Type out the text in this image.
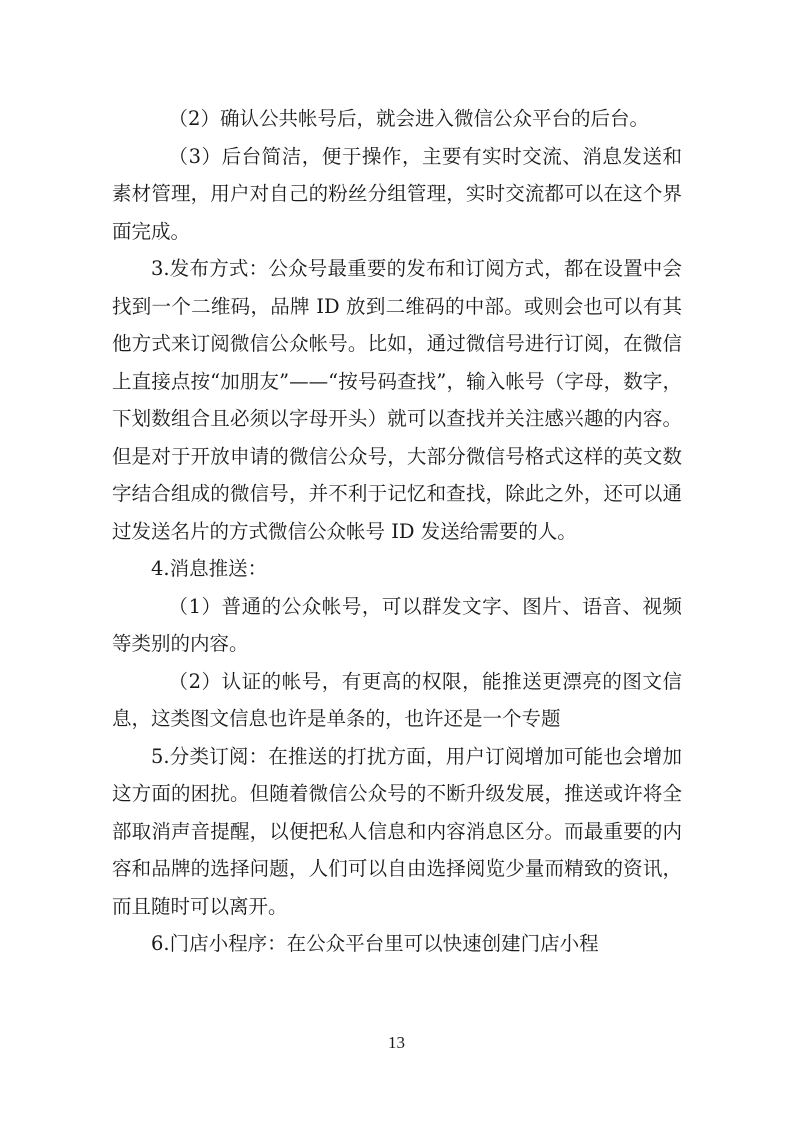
（2）确认公共帐号后，就会进入微信公众平台的后台。

（3）后台简洁，便于操作，主要有实时交流、消息发送和素材管理，用户对自己的粉丝分组管理，实时交流都可以在这个界面完成。

3.发布方式：公众号最重要的发布和订阅方式，都在设置中会找到一个二维码，品牌 ID 放到二维码的中部。或则会也可以有其他方式来订阅微信公众帐号。比如，通过微信号进行订阅，在微信上直接点按“加朋友”——“按号码查找”，输入帐号（字母，数字，下划数组合且必须以字母开头）就可以查找并关注感兴趣的内容。但是对于开放申请的微信公众号，大部分微信号格式这样的英文数字结合组成的微信号，并不利于记忆和查找，除此之外，还可以通过发送名片的方式微信公众帐号 ID 发送给需要的人。

4.消息推送：

（1）普通的公众帐号，可以群发文字、图片、语音、视频等类别的内容。

（2）认证的帐号，有更高的权限，能推送更漂亮的图文信息，这类图文信息也许是单条的，也许还是一个专题

5.分类订阅：在推送的打扰方面，用户订阅增加可能也会增加这方面的困扰。但随着微信公众号的不断升级发展，推送或许将全部取消声音提醒，以便把私人信息和内容消息区分。而最重要的内容和品牌的选择问题，人们可以自由选择阅览少量而精致的资讯，而且随时可以离开。

6.门店小程序：在公众平台里可以快速创建门店小程

13
